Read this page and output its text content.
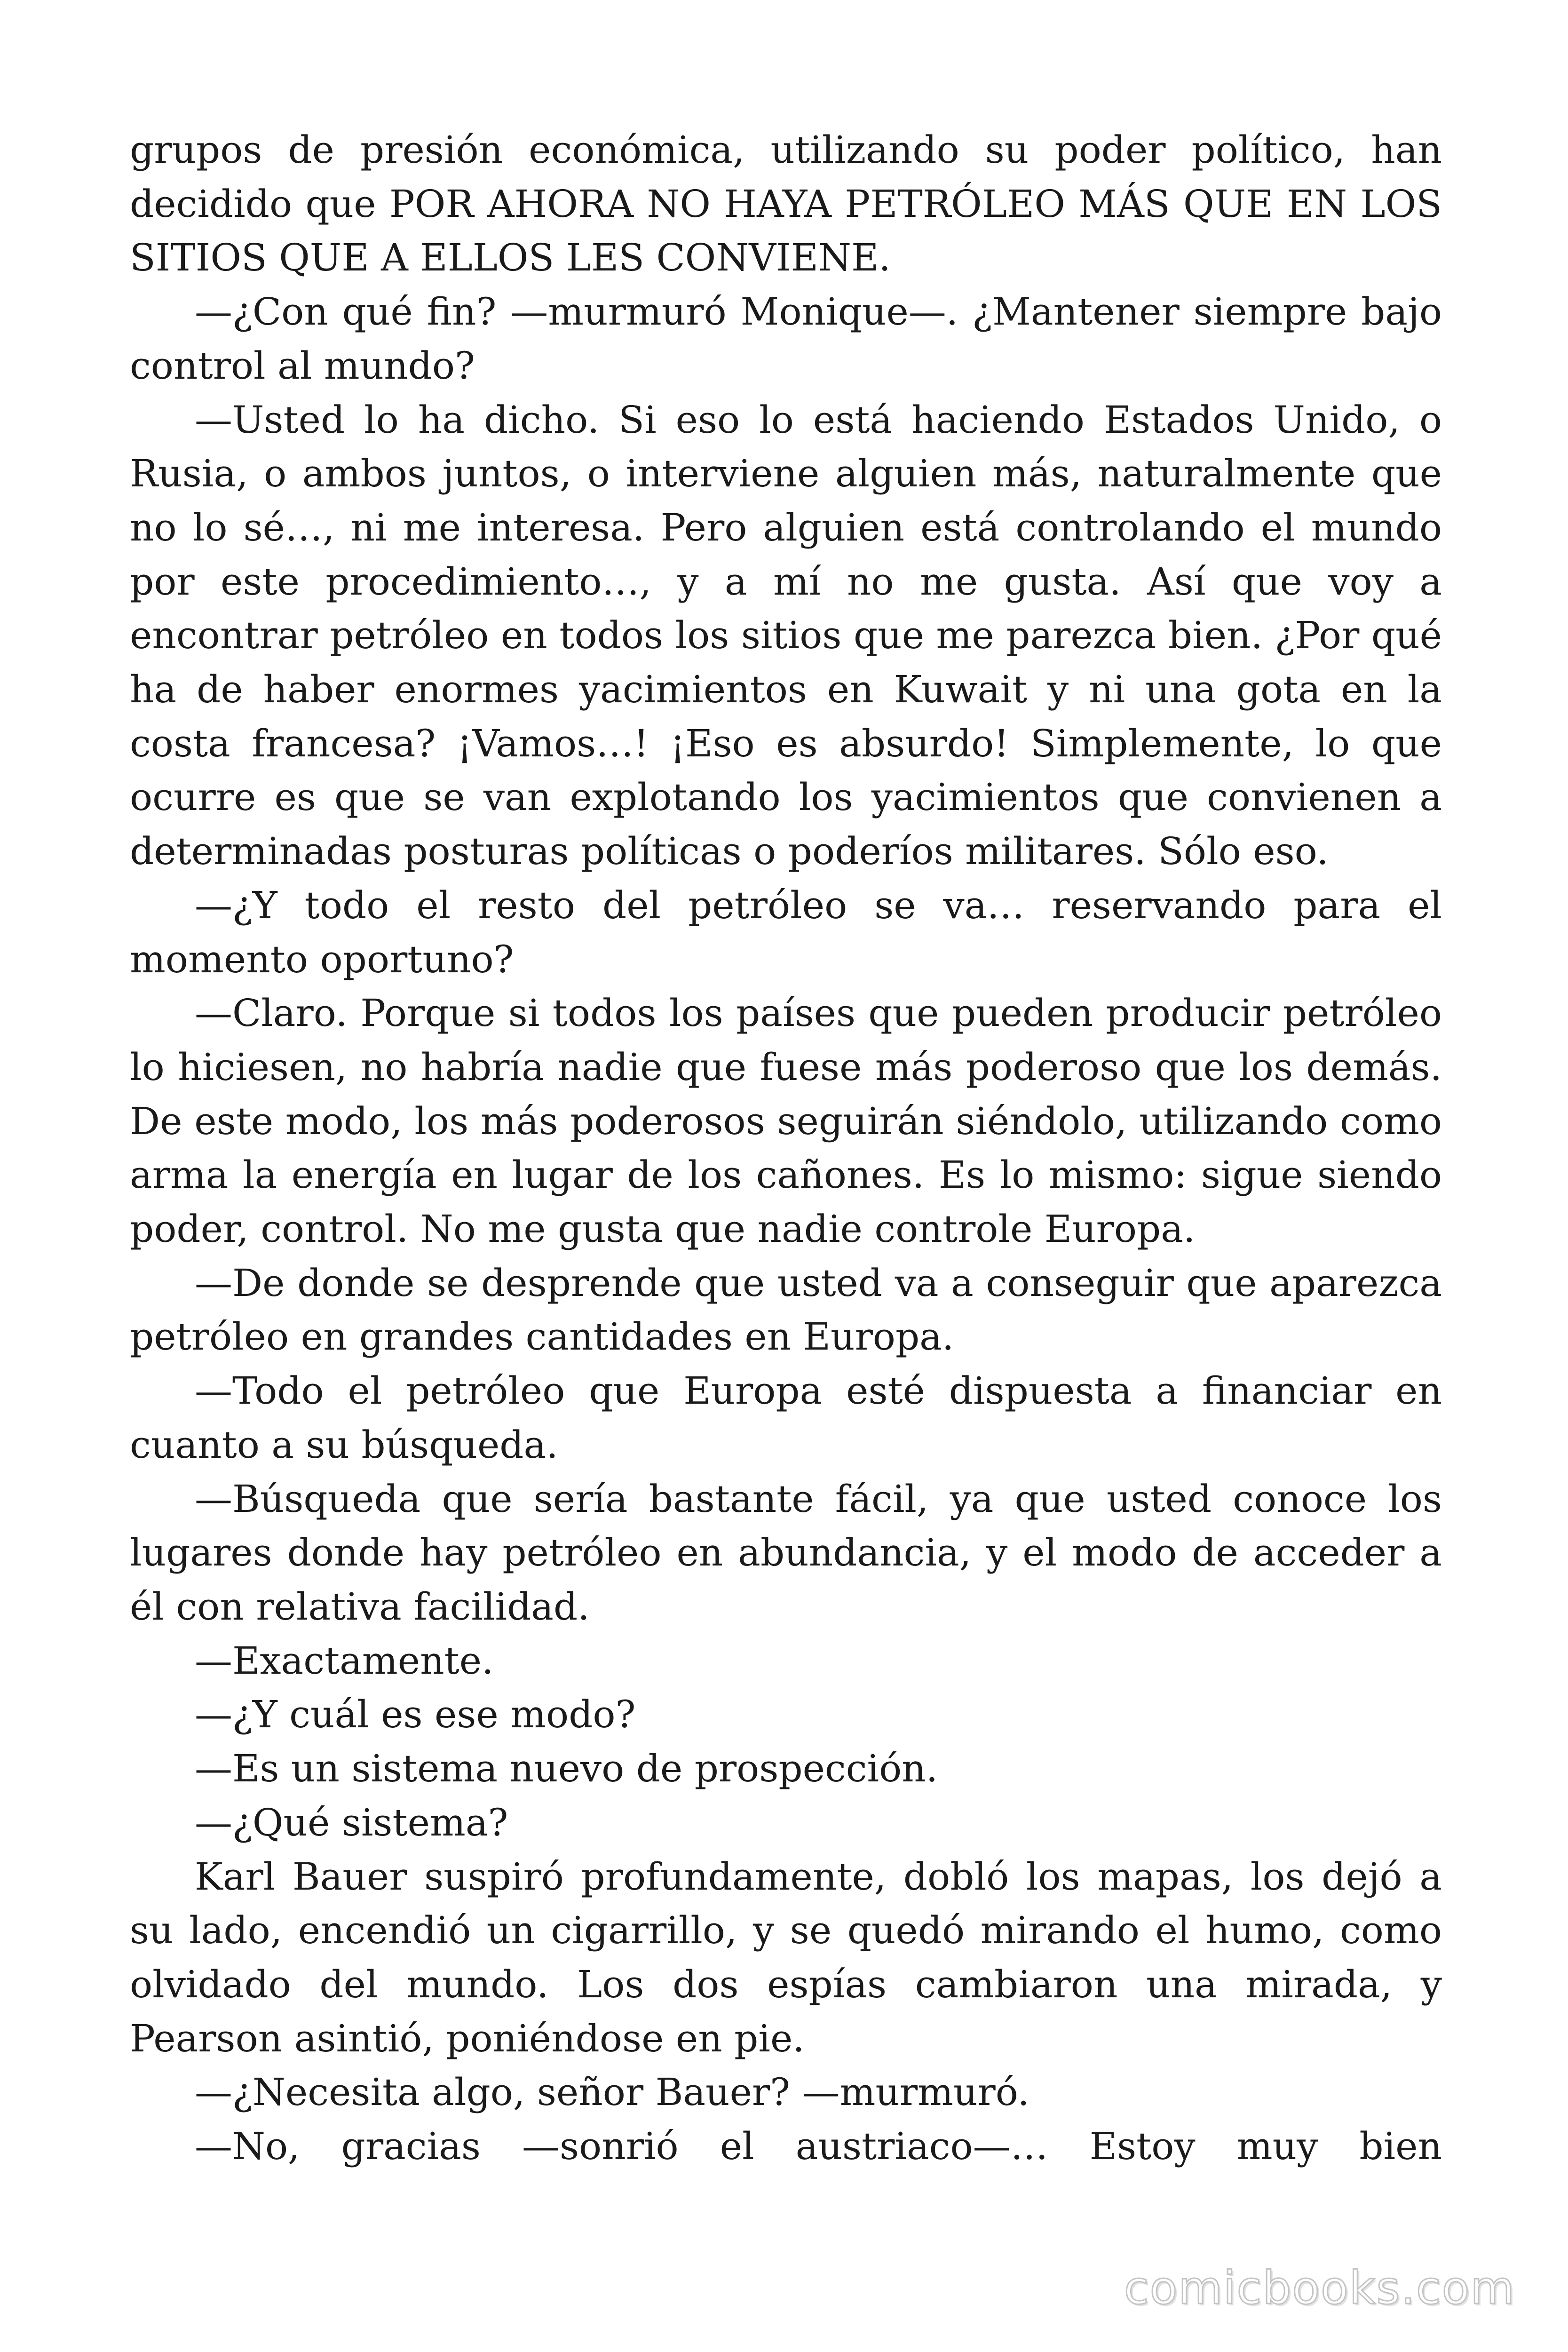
grupos de presión económica, utilizando su poder político, han decidido que POR AHORA NO HAYA PETRÓLEO MÁS QUE EN LOS SITIOS QUE A ELLOS LES CONVIENE.

—¿Con qué fin? —murmuró Monique—. ¿Mantener siempre bajo control al mundo?

—Usted lo ha dicho. Si eso lo está haciendo Estados Unido, o Rusia, o ambos juntos, o interviene alguien más, naturalmente que no lo sé…, ni me interesa. Pero alguien está controlando el mundo por este procedimiento…, y a mí no me gusta. Así que voy a encontrar petróleo en todos los sitios que me parezca bien. ¿Por qué ha de haber enormes yacimientos en Kuwait y ni una gota en la costa francesa? ¡Vamos…! ¡Eso es absurdo! Simplemente, lo que ocurre es que se van explotando los yacimientos que convienen a determinadas posturas políticas o poderíos militares. Sólo eso.

—¿Y todo el resto del petróleo se va… reservando para el momento oportuno?

—Claro. Porque si todos los países que pueden producir petróleo lo hiciesen, no habría nadie que fuese más poderoso que los demás. De este modo, los más poderosos seguirán siéndolo, utilizando como arma la energía en lugar de los cañones. Es lo mismo: sigue siendo poder, control. No me gusta que nadie controle Europa.

—De donde se desprende que usted va a conseguir que aparezca petróleo en grandes cantidades en Europa.

—Todo el petróleo que Europa esté dispuesta a financiar en cuanto a su búsqueda.

—Búsqueda que sería bastante fácil, ya que usted conoce los lugares donde hay petróleo en abundancia, y el modo de acceder a él con relativa facilidad.

—Exactamente.

—¿Y cuál es ese modo?

—Es un sistema nuevo de prospección.

—¿Qué sistema?

Karl Bauer suspiró profundamente, dobló los mapas, los dejó a su lado, encendió un cigarrillo, y se quedó mirando el humo, como olvidado del mundo. Los dos espías cambiaron una mirada, y Pearson asintió, poniéndose en pie.

—¿Necesita algo, señor Bauer? —murmuró.

—No, gracias —sonrió el austriaco—… Estoy muy bien

comicbooks.com
